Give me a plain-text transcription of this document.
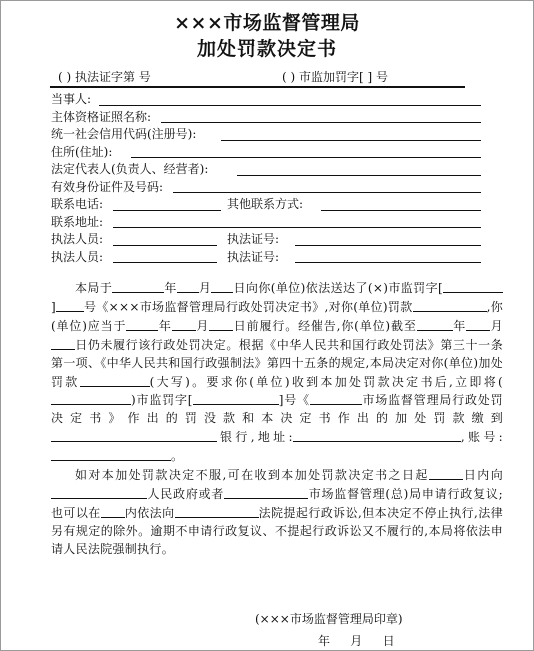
×××市场监督管理局
加处罚款决定书
( ) 执法证字第 号	( ) 市监加罚字[ ] 号
当事人:
主体资格证照名称:
统一社会信用代码(注册号):
住所(住址):
法定代表人(负责人、经营者):
有效身份证件及号码:
联系电话:	其他联系方式:
联系地址:
执法人员:	执法证号:
执法人员:	执法证号:

本局于	年 月 日向你(单位)依法送达了(×)市监罚字[] 号《×××市场监督管理局行政处罚决定书》,对你(单位)罚款	,你(单位)应当于	年 月 日前履行。经催告,你(单位)截至	年 月日仍未履行该行政处罚决定。根据《中华人民共和国行政处罚法》第三十一条第一项、《中华人民共和国行政强制法》第四十五条的规定,本局决定对你(单位)加处罚款	(大写)。要求你(单位)收到本加处罚款决定书后,立即将()市监罚字[	]号《	市场监督管理局行政处罚决定书》作出的罚没款和本决定书作出的加处罚款缴到银行,地址:	,账号:。

如对本加处罚款决定不服,可在收到本加处罚款决定书之日起	日内向人民政府或者	市场监督管理(总)局申请行政复议;也可以在 内依法向	法院提起行政诉讼,但本决定不停止执行,法律另有规定的除外。逾期不申请行政复议、不提起行政诉讼又不履行的,本局将依法申请人民法院强制执行。

(×××市场监督管理局印章)
年 月 日
